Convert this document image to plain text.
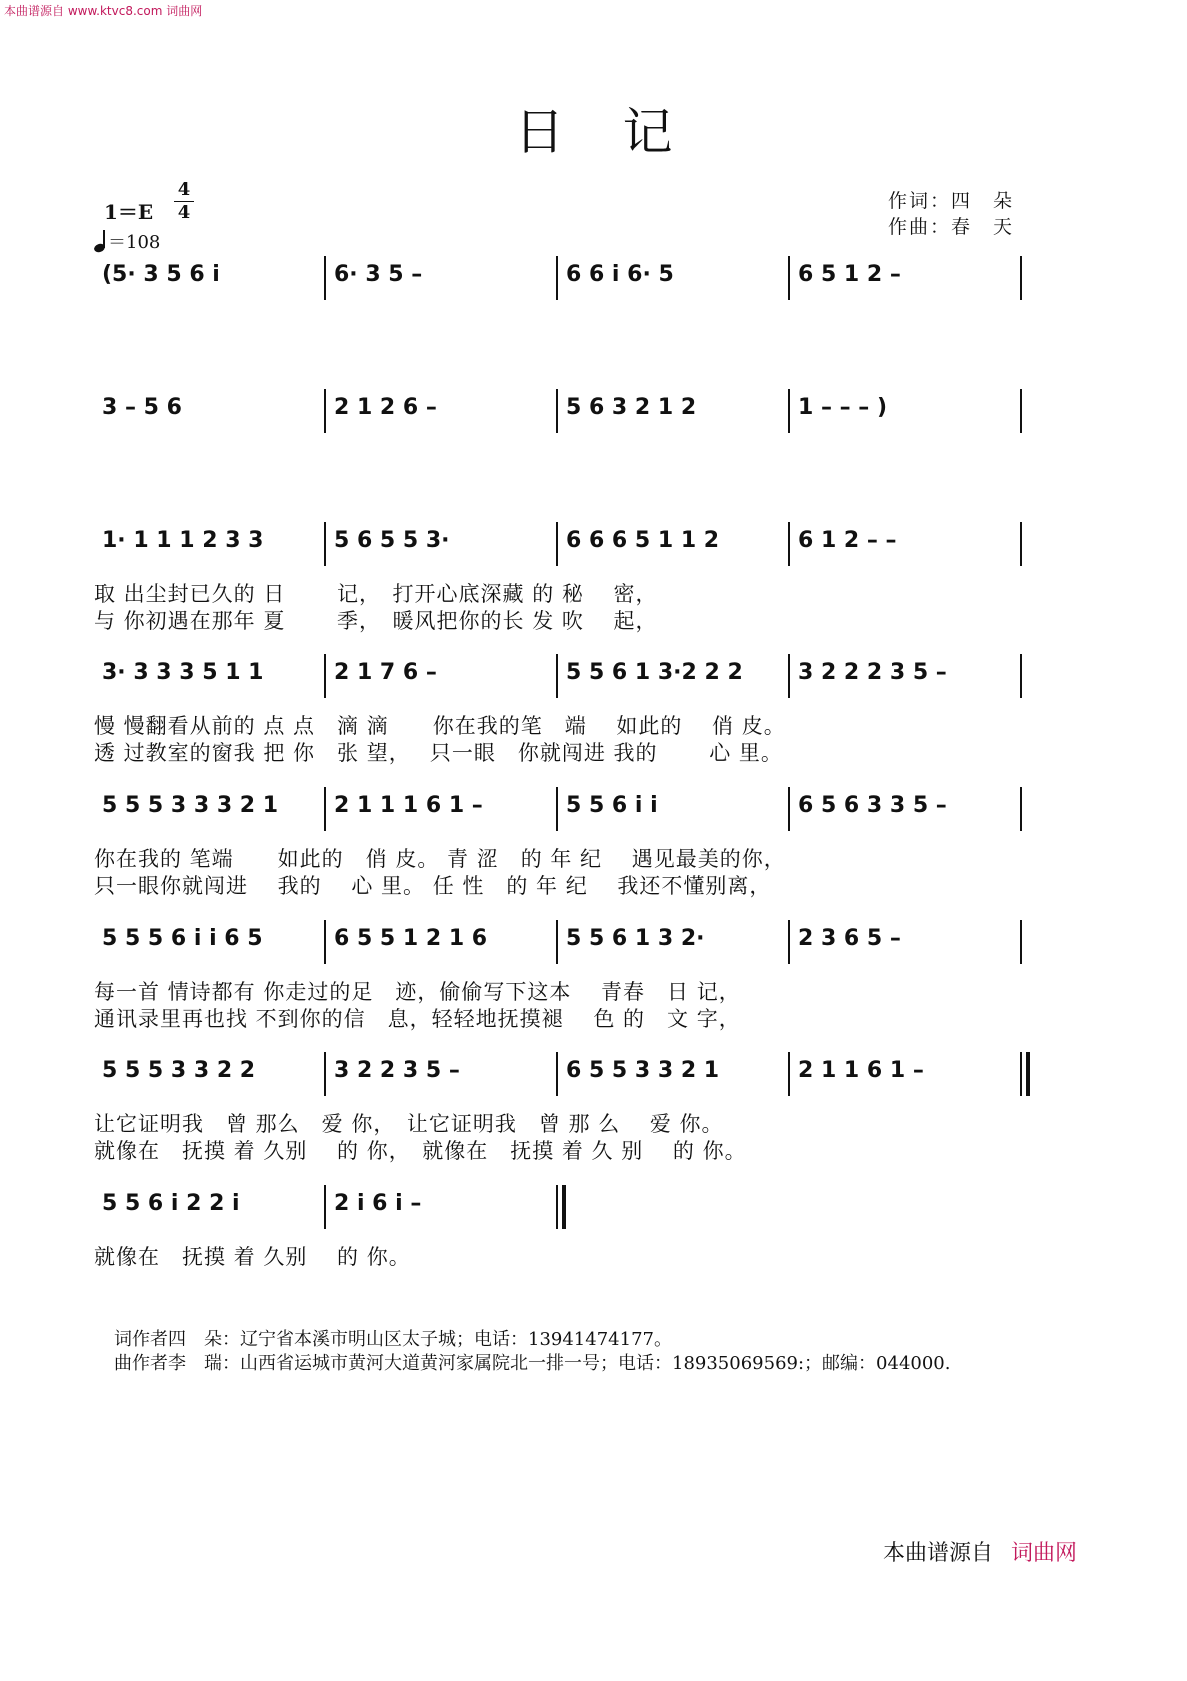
本曲谱源自 www.ktvc8.com 词曲网
日记
1＝E
4
4
＝108
作词：四　朵
作曲：春　天
(5· 3 5 6 i	6· 3 5 –	6 6 i 6· 5	6 5 1 2 –
3 – 5 6	2 1 2 6 –	5 6 3 2 1 2	1 – – – )
1· 1 1 1 2 3 3	5 6 5 5 3·	6 6 6 5 1 1 2	6 1 2 – –
取 出尘封已久的 日　　 记，　打开心底深藏 的 秘　 密，
与 你初遇在那年 夏　　 季，　暖风把你的长 发 吹　 起，
3· 3 3 3 5 1 1	2 1 7 6 –	5 5 6 1 3·2 2 2	3 2 2 2 3 5 –
慢 慢翻看从前的 点 点　滴 滴　　你在我的笔　端　 如此的　 俏 皮。
透 过教室的窗我 把 你　张 望，　 只一眼　你就闯进 我的　　 心 里。
5 5 5 3 3 3 2 1	2 1 1 1 6 1 –	5 5 6 i i	6 5 6 3 3 5 –
你在我的 笔端　　如此的　俏 皮。 青 涩　的 年 纪　 遇见最美的你，
只一眼你就闯进　 我的　 心 里。 任 性　的 年 纪　 我还不懂别离，
5 5 5 6 i i 6 5	6 5 5 1 2 1 6	5 5 6 1 3 2·	2 3 6 5 –
每一首 情诗都有 你走过的足　迹，偷偷写下这本　 青春　日 记，
通讯录里再也找 不到你的信　息，轻轻地抚摸褪　 色 的　文 字，
5 5 5 3 3 2 2	3 2 2 3 5 –	6 5 5 3 3 2 1	2 1 1 6 1 –
让它证明我　曾 那么　爱 你，　让它证明我　曾 那 么　 爱 你。
就像在　抚摸 着 久别　 的 你，　就像在　抚摸 着 久 别　 的 你。
5 5 6 i 2 2 i	2 i 6 i –
就像在　抚摸 着 久别　 的 你。
词作者四　朵：辽宁省本溪市明山区太子城；电话：13941474177。
曲作者李　瑞：山西省运城市黄河大道黄河家属院北一排一号；电话：18935069569:；邮编：044000.
本曲谱源自 词曲网
